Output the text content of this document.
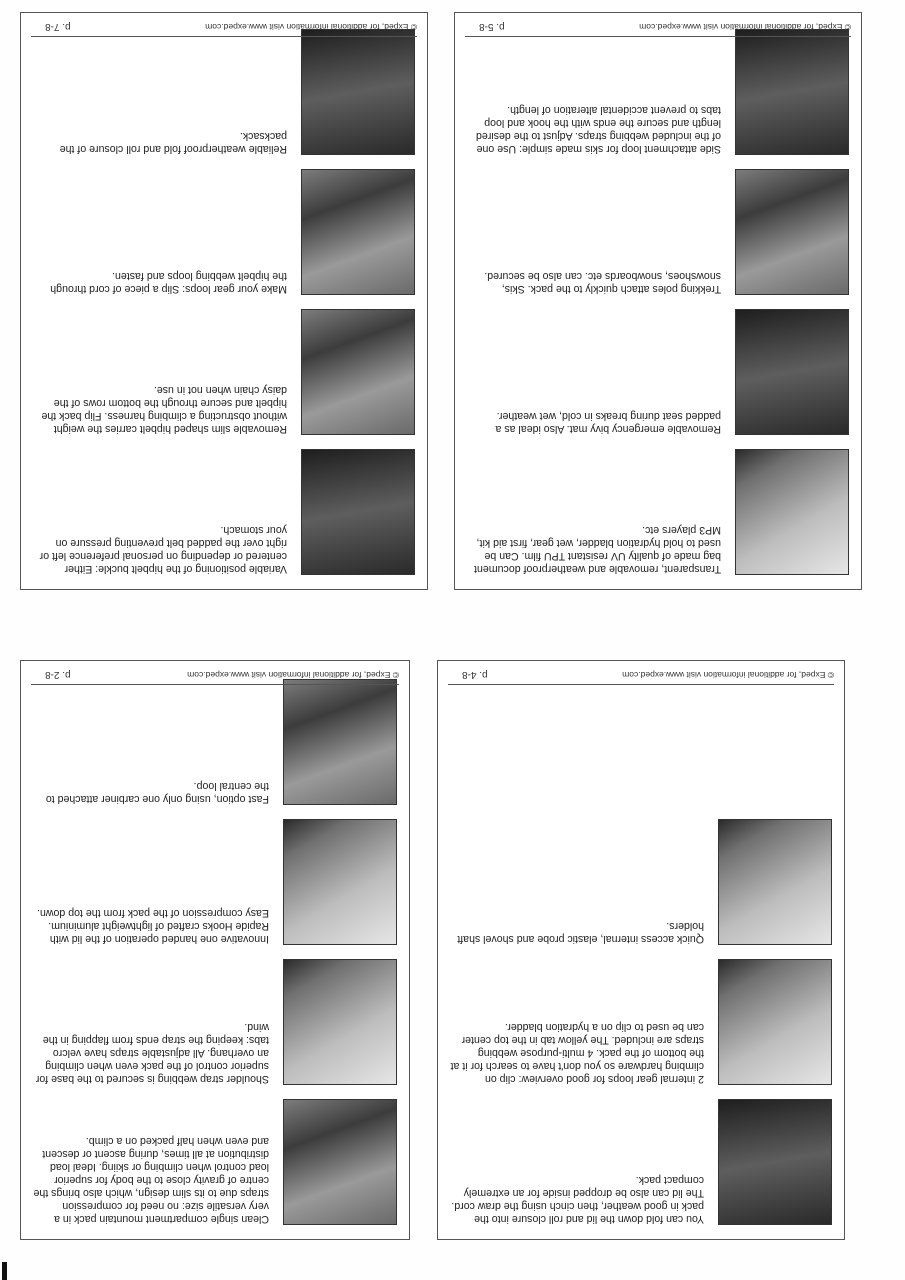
You can fold down the lid and roll closure into the pack in good weather, then cinch using the draw cord. The lid can also be dropped inside for an extremely compact pack.
2 internal gear loops for good overview: clip on climbing hardware so you don't have to search for it at the bottom of the pack. 4 multi-purpose webbing straps are included. The yellow tab in the top center can be used to clip on a hydration bladder.
Quick access internal, elastic probe and shovel shaft holders.
© Exped, for additional information visit www.exped.com
p. 4-8
Clean single compartment mountain pack in a very versatile size: no need for compression straps due to its slim design, which also brings the centre of gravity close to the body for superior load control when climbing or skiing. Ideal load distribution at all times, during ascent or descent and even when half packed on a climb.
Shoulder strap webbing is secured to the base for superior control of the pack even when climbing an overhang. All adjustable straps have velcro tabs: keeping the strap ends from flapping in the wind.
Innovative one handed operation of the lid with Rapide Hooks crafted of lightweight aluminium. Easy compression of the pack from the top down.
Fast option, using only one carbiner attached to the central loop.
© Exped, for additional information visit www.exped.com
p. 2-8
Transparent, removable and weatherproof document bag made of quality UV resistant TPU film. Can be used to hold hydration bladder, wet gear, first aid kit, MP3 players etc.
Removable emergency bivy mat. Also ideal as a padded seat during breaks in cold, wet weather.
Trekking poles attach quickly to the pack. Skis, snowshoes, snowboards etc. can also be secured.
Side attachment loop for skis made simple: Use one of the included webbing straps. Adjust to the desired length and secure the ends with the hook and loop tabs to prevent accidental alteration of length.
© Exped, for additional information visit www.exped.com
p. 5-8
Variable positioning of the hipbelt buckle: Either centered or depending on personal preference left or right over the padded belt preventing pressure on your stomach.
Removable slim shaped hipbelt carries the weight without obstructing a climbing harness. Flip back the hipbelt and secure through the bottom rows of the daisy chain when not in use.
Make your gear loops: Slip a piece of cord through the hipbelt webbing loops and fasten.
Reliable weatherproof fold and roll closure of the packsack.
© Exped, for additional information visit www.exped.com
p. 7-8
